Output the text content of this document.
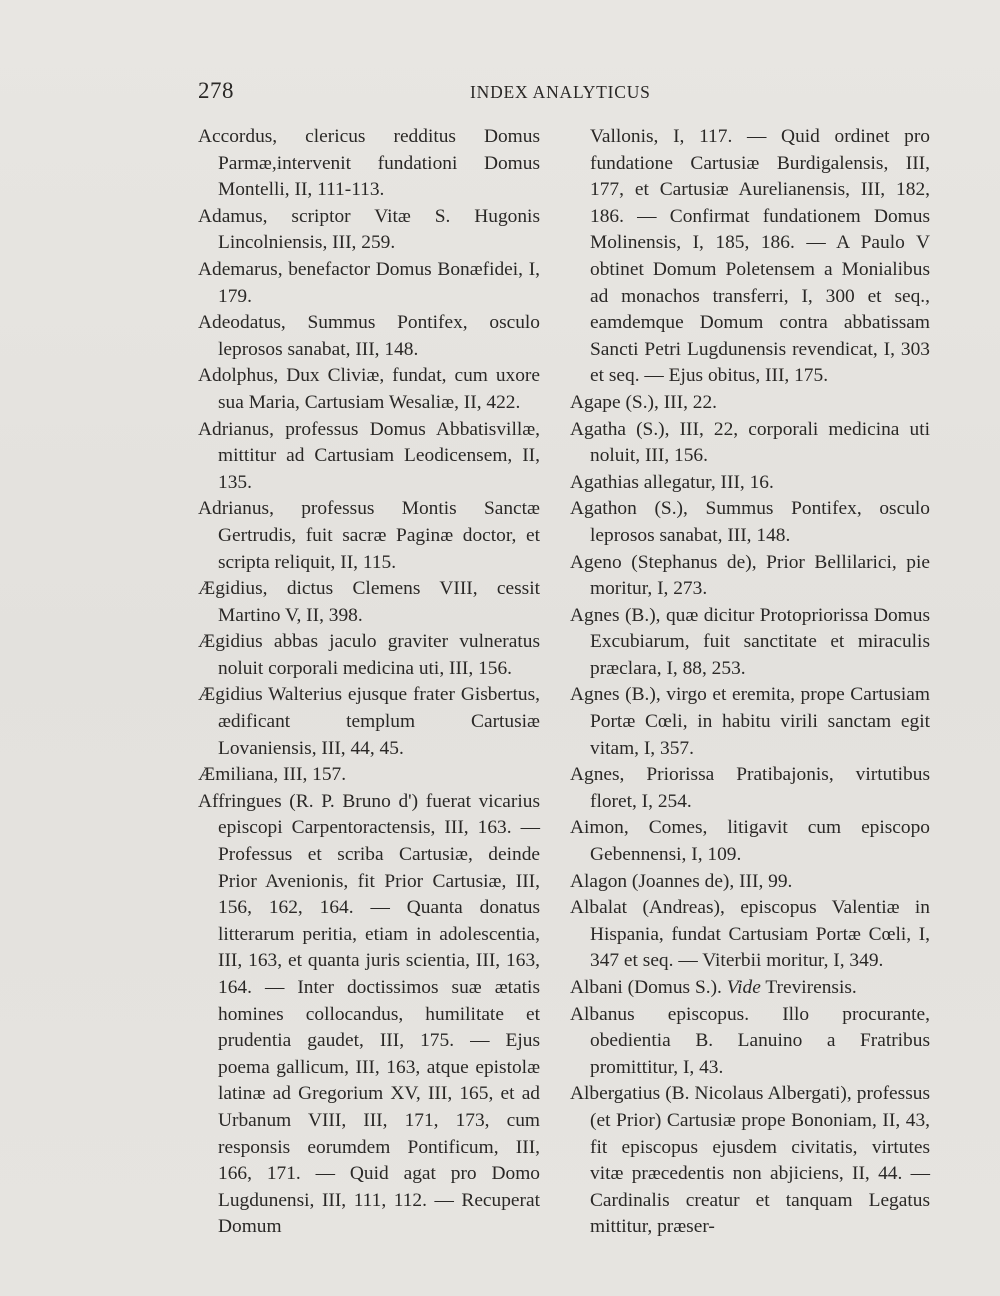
278	INDEX ANALYTICUS

Accordus, clericus redditus Domus Parmæ,intervenit fundationi Domus Montelli, II, 111-113.

Adamus, scriptor Vitæ S. Hugonis Lincolniensis, III, 259.

Ademarus, benefactor Domus Bonæfidei, I, 179.

Adeodatus, Summus Pontifex, osculo leprosos sanabat, III, 148.

Adolphus, Dux Cliviæ, fundat, cum uxore sua Maria, Cartusiam Wesaliæ, II, 422.

Adrianus, professus Domus Abbatisvillæ, mittitur ad Cartusiam Leodicensem, II, 135.

Adrianus, professus Montis Sanctæ Gertrudis, fuit sacræ Paginæ doctor, et scripta reliquit, II, 115.

Ægidius, dictus Clemens VIII, cessit Martino V, II, 398.

Ægidius abbas jaculo graviter vulneratus noluit corporali medicina uti, III, 156.

Ægidius Walterius ejusque frater Gisbertus, ædificant templum Cartusiæ Lovaniensis, III, 44, 45.

Æmiliana, III, 157.

Affringues (R. P. Bruno d') fuerat vicarius episcopi Carpentoractensis, III, 163. — Professus et scriba Cartusiæ, deinde Prior Avenionis, fit Prior Cartusiæ, III, 156, 162, 164. — Quanta donatus litterarum peritia, etiam in adolescentia, III, 163, et quanta juris scientia, III, 163, 164. — Inter doctissimos suæ ætatis homines collocandus, humilitate et prudentia gaudet, III, 175. — Ejus poema gallicum, III, 163, atque epistolæ latinæ ad Gregorium XV, III, 165, et ad Urbanum VIII, III, 171, 173, cum responsis eorumdem Pontificum, III, 166, 171. — Quid agat pro Domo Lugdunensi, III, 111, 112. — Recuperat Domum

Vallonis, I, 117. — Quid ordinet pro fundatione Cartusiæ Burdigalensis, III, 177, et Cartusiæ Aurelianensis, III, 182, 186. — Confirmat fundationem Domus Molinensis, I, 185, 186. — A Paulo V obtinet Domum Poletensem a Monialibus ad monachos transferri, I, 300 et seq., eamdemque Domum contra abbatissam Sancti Petri Lugdunensis revendicat, I, 303 et seq. — Ejus obitus, III, 175.

Agape (S.), III, 22.

Agatha (S.), III, 22, corporali medicina uti noluit, III, 156.

Agathias allegatur, III, 16.

Agathon (S.), Summus Pontifex, osculo leprosos sanabat, III, 148.

Ageno (Stephanus de), Prior Bellilarici, pie moritur, I, 273.

Agnes (B.), quæ dicitur Protopriorissa Domus Excubiarum, fuit sanctitate et miraculis præclara, I, 88, 253.

Agnes (B.), virgo et eremita, prope Cartusiam Portæ Cœli, in habitu virili sanctam egit vitam, I, 357.

Agnes, Priorissa Pratibajonis, virtutibus floret, I, 254.

Aimon, Comes, litigavit cum episcopo Gebennensi, I, 109.

Alagon (Joannes de), III, 99.

Albalat (Andreas), episcopus Valentiæ in Hispania, fundat Cartusiam Portæ Cœli, I, 347 et seq. — Viterbii moritur, I, 349.

Albani (Domus S.). Vide Trevirensis.

Albanus episcopus. Illo procurante, obedientia B. Lanuino a Fratribus promittitur, I, 43.

Albergatius (B. Nicolaus Albergati), professus (et Prior) Cartusiæ prope Bononiam, II, 43, fit episcopus ejusdem civitatis, virtutes vitæ præcedentis non abjiciens, II, 44. — Cardinalis creatur et tanquam Legatus mittitur, præser-
